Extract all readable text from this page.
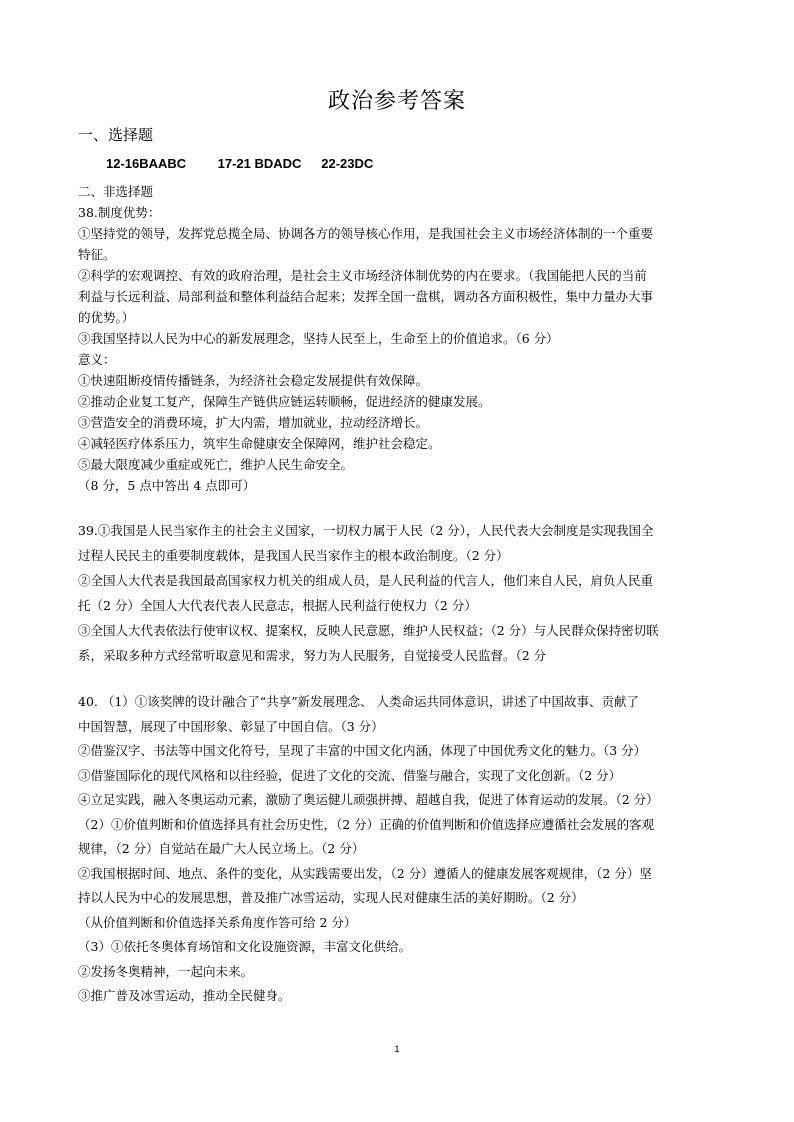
政治参考答案
一、选择题
12-16BAABC 17-21 BDADC 22-23DC
二、非选择题
38.制度优势：
①坚持党的领导，发挥党总揽全局、协调各方的领导核心作用，是我国社会主义市场经济体制的一个重要
特征。
②科学的宏观调控、有效的政府治理，是社会主义市场经济体制优势的内在要求。（我国能把人民的当前
利益与长远利益、局部利益和整体利益结合起来；发挥全国一盘棋，调动各方面积极性，集中力量办大事
的优势。）
③我国坚持以人民为中心的新发展理念，坚持人民至上，生命至上的价值追求。（6 分）
意义：
①快速阻断疫情传播链条，为经济社会稳定发展提供有效保障。
②推动企业复工复产，保障生产链供应链运转顺畅，促进经济的健康发展。
③营造安全的消费环境，扩大内需，增加就业，拉动经济增长。
④减轻医疗体系压力，筑牢生命健康安全保障网，维护社会稳定。
⑤最大限度减少重症或死亡，维护人民生命安全。
（8 分，5 点中答出 4 点即可）
39.①我国是人民当家作主的社会主义国家，一切权力属于人民（2 分），人民代表大会制度是实现我国全
过程人民民主的重要制度载体，是我国人民当家作主的根本政治制度。（2 分）
②全国人大代表是我国最高国家权力机关的组成人员，是人民利益的代言人，他们来自人民，肩负人民重
托（2 分）全国人大代表代表人民意志，根据人民利益行使权力（2 分）
③全国人大代表依法行使审议权、提案权，反映人民意愿，维护人民权益；（2 分）与人民群众保持密切联
系，采取多种方式经常听取意见和需求，努力为人民服务，自觉接受人民监督。（2 分
40. （1）①该奖牌的设计融合了“共享”新发展理念、 人类命运共同体意识，讲述了中国故事、贡献了
中国智慧，展现了中国形象、彰显了中国自信。（3 分）
②借鉴汉字、书法等中国文化符号，呈现了丰富的中国文化内涵，体现了中国优秀文化的魅力。（3 分）
③借鉴国际化的现代风格和以往经验，促进了文化的交流、借鉴与融合，实现了文化创新。（2 分）
④立足实践，融入冬奥运动元素，激励了奥运健儿顽强拼搏、超越自我，促进了体育运动的发展。（2 分）
（2）①价值判断和价值选择具有社会历史性，（2 分）正确的价值判断和价值选择应遵循社会发展的客观
规律，（2 分）自觉站在最广大人民立场上。（2 分）
②我国根据时间、地点、条件的变化，从实践需要出发，（2 分）遵循人的健康发展客观规律，（2 分）坚
持以人民为中心的发展思想，普及推广冰雪运动，实现人民对健康生活的美好期盼。（2 分）
（从价值判断和价值选择关系角度作答可给 2 分）
（3）①依托冬奥体育场馆和文化设施资源，丰富文化供给。
②发扬冬奥精神，一起向未来。
③推广普及冰雪运动，推动全民健身。
1
